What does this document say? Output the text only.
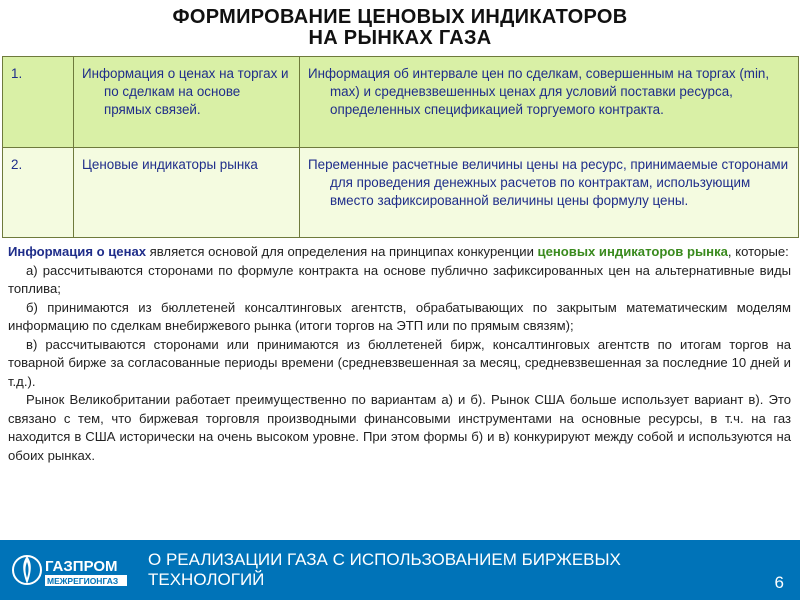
ФОРМИРОВАНИЕ ЦЕНОВЫХ ИНДИКАТОРОВ
НА РЫНКАХ ГАЗА
1.	Информация о ценах на торгах и по сделкам на основе прямых связей.	Информация об интервале цен по сделкам, совершенным на торгах (min, max) и средневзвешенных ценах для условий поставки ресурса, определенных спецификацией торгуемого контракта.

2.	Ценовые индикаторы рынка	Переменные расчетные величины цены на ресурс, принимаемые сторонами для проведения денежных расчетов по контрактам, использующим вместо зафиксированной величины цены формулу цены.

Информация о ценах является основой для определения на принципах конкуренции ценовых индикаторов рынка, которые:

а) рассчитываются сторонами по формуле контракта на основе публично зафиксированных цен на альтернативные виды топлива;

б) принимаются из бюллетеней консалтинговых агентств, обрабатывающих по закрытым математическим моделям информацию по сделкам внебиржевого рынка (итоги торгов на ЭТП или по прямым связям);

в) рассчитываются сторонами или принимаются из бюллетеней бирж, консалтинговых агентств по итогам торгов на товарной бирже за согласованные периоды времени (средневзвешенная за месяц, средневзвешенная за последние 10 дней и т.д.).

Рынок Великобритании работает преимущественно по вариантам а) и б). Рынок США больше использует вариант в). Это связано с тем, что биржевая торговля производными финансовыми инструментами на основные ресурсы, в т.ч. на газ находится в США исторически на очень высоком уровне. При этом формы б) и в) конкурируют между собой и используются на обоих рынках.

ГАЗПРОМ
МЕЖРЕГИОНГАЗ
О РЕАЛИЗАЦИИ ГАЗА С ИСПОЛЬЗОВАНИЕМ БИРЖЕВЫХ ТЕХНОЛОГИЙ	6
